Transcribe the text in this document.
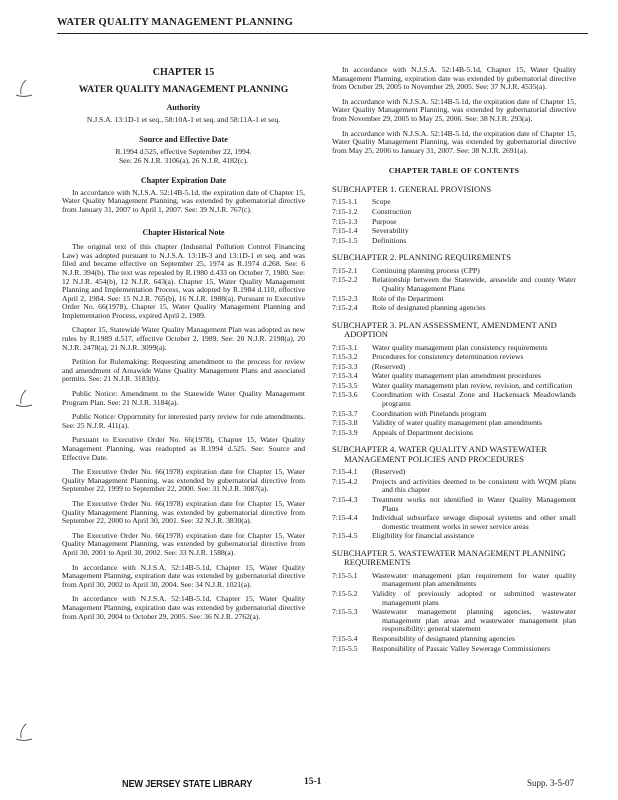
WATER QUALITY MANAGEMENT PLANNING
CHAPTER 15
WATER QUALITY MANAGEMENT PLANNING
Authority
N.J.S.A. 13:1D-1 et seq., 58:10A-1 et seq. and 58:11A-1 et seq.
Source and Effective Date
R.1994 d.525, effective September 22, 1994.
See: 26 N.J.R. 3106(a), 26 N.J.R. 4182(c).
Chapter Expiration Date

In accordance with N.J.S.A. 52:14B-5.1d, the expiration date of Chapter 15, Water Quality Management Planning, was extended by gubernatorial directive from January 31, 2007 to April 1, 2007. See: 39 N.J.R. 767(c).

Chapter Historical Note

The original text of this chapter (Industrial Pollution Control Financing Law) was adopted pursuant to N.J.S.A. 13:1B-3 and 13:1D-1 et seq. and was filed and became effective on September 25, 1974 as R.1974 d.268. See: 6 N.J.R. 394(b). The text was repealed by R.1980 d.433 on October 7, 1980. See: 12 N.J.R. 454(b), 12 N.J.R. 643(a). Chapter 15, Water Quality Management Planning and Implementation Process, was adopted by R.1984 d.110, effective April 2, 1984. See: 15 N.J.R. 765(b), 16 N.J.R. 1988(a). Pursuant to Executive Order No. 66(1978), Chapter 15, Water Quality Management Planning and Implementation Process, expired April 2, 1989.

Chapter 15, Statewide Water Quality Management Plan was adopted as new rules by R.1989 d.517, effective October 2, 1989. See: 20 N.J.R. 2198(a), 20 N.J.R. 2478(a), 21 N.J.R. 3099(a).

Petition for Rulemaking: Requesting amendment to the process for review and amendment of Areawide Water Quality Management Plans and associated permits. See: 21 N.J.R. 3183(b).

Public Notice: Amendment to the Statewide Water Quality Management Program Plan. See: 21 N.J.R. 3184(a).

Public Notice: Opportunity for interested party review for rule amendments. See: 25 N.J.R. 411(a).

Pursuant to Executive Order No. 66(1978), Chapter 15, Water Quality Management Planning, was readopted as R.1994 d.525. See: Source and Effective Date.

The Executive Order No. 66(1978) expiration date for Chapter 15, Water Quality Management Planning, was extended by gubernatorial directive from September 22, 1999 to September 22, 2000. See: 31 N.J.R. 3087(a).

The Executive Order No. 66(1978) expiration date for Chapter 15, Water Quality Management Planning, was extended by gubernatorial directive from September 22, 2000 to April 30, 2001. See: 32 N.J.R. 3830(a).

The Executive Order No. 66(1978) expiration date for Chapter 15, Water Quality Management Planning, was extended by gubernatorial directive from April 30, 2001 to April 30, 2002. See: 33 N.J.R. 1588(a).

In accordance with N.J.S.A. 52:14B-5.1d, Chapter 15, Water Quality Management Planning, expiration date was extended by gubernatorial directive from April 30, 2002 to April 30, 2004. See: 34 N.J.R. 1021(a).

In accordance with N.J.S.A. 52:14B-5.1d, Chapter 15, Water Quality Management Planning, expiration date was extended by gubernatorial directive from April 30, 2004 to October 29, 2005. See: 36 N.J.R. 2762(a).

In accordance with N.J.S.A. 52:14B-5.1d, Chapter 15, Water Quality Management Planning, expiration date was extended by gubernatorial directive from October 29, 2005 to November 29, 2005. See: 37 N.J.R. 4535(a).

In accordance with N.J.S.A. 52:14B-5.1d, the expiration date of Chapter 15, Water Quality Management Planning, was extended by gubernatorial directive from November 29, 2005 to May 25, 2006. See: 38 N.J.R. 293(a).

In accordance with N.J.S.A. 52:14B-5.1d, the expiration date of Chapter 15, Water Quality Management Planning, was extended by gubernatorial directive from May 25, 2006 to January 31, 2007. See: 38 N.J.R. 2691(a).

CHAPTER TABLE OF CONTENTS
SUBCHAPTER 1. GENERAL PROVISIONS
7:15-1.1	Scope
7:15-1.2	Construction
7:15-1.3	Purpose
7:15-1.4	Severability
7:15-1.5	Definitions
SUBCHAPTER 2. PLANNING REQUIREMENTS
7:15-2.1	Continuing planning process (CPP)
7:15-2.2	Relationship between the Statewide, areawide and county Water Quality Management Plans
7:15-2.3	Role of the Department
7:15-2.4	Role of designated planning agencies
SUBCHAPTER 3. PLAN ASSESSMENT, AMENDMENT AND ADOPTION
7:15-3.1	Water quality management plan consistency requirements
7:15-3.2	Procedures for consistency determination reviews
7:15-3.3	(Reserved)
7:15-3.4	Water quality management plan amendment procedures
7:15-3.5	Water quality management plan review, revision, and certification
7:15-3.6	Coordination with Coastal Zone and Hackensack Meadowlands programs
7:15-3.7	Coordination with Pinelands program
7:15-3.8	Validity of water quality management plan amendments
7:15-3.9	Appeals of Department decisions
SUBCHAPTER 4. WATER QUALITY AND WASTEWATER MANAGEMENT POLICIES AND PROCEDURES
7:15-4.1	(Reserved)
7:15-4.2	Projects and activities deemed to be consistent with WQM plans and this chapter
7:15-4.3	Treatment works not identified in Water Quality Management Plans
7:15-4.4	Individual subsurface sewage disposal systems and other small domestic treatment works in sewer service areas
7:15-4.5	Eligibility for financial assistance
SUBCHAPTER 5. WASTEWATER MANAGEMENT PLANNING REQUIREMENTS
7:15-5.1	Wastewater management plan requirement for water quality management plan amendments
7:15-5.2	Validity of previously adopted or submitted wastewater management plans
7:15-5.3	Wastewater management planning agencies, wastewater management plan areas and wastewater management plan responsibility: general statement
7:15-5.4	Responsibility of designated planning agencies
7:15-5.5	Responsibility of Passaic Valley Sewerage Commissioners
NEW JERSEY STATE LIBRARY	15-1	Supp. 3-5-07
